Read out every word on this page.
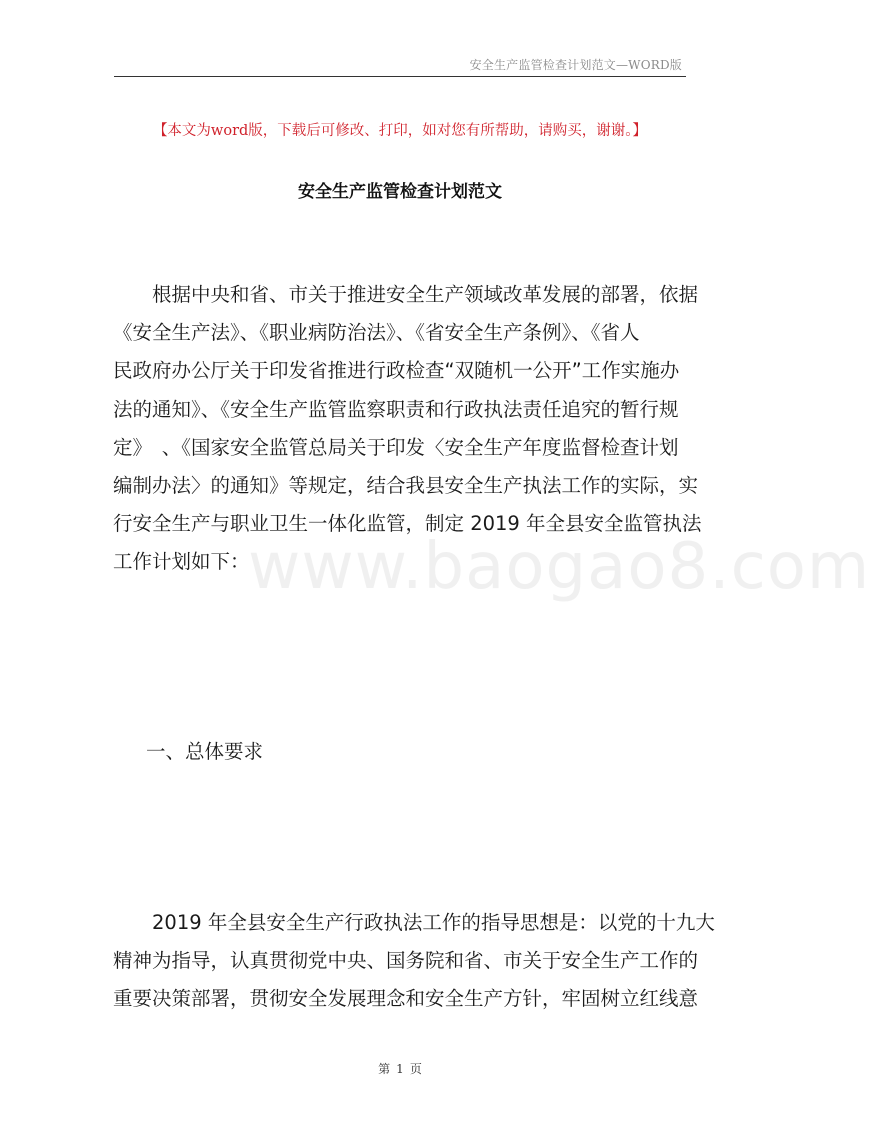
安全生产监管检查计划范文—WORD版
【本文为word版，下载后可修改、打印，如对您有所帮助，请购买，谢谢。】
安全生产监管检查计划范文
www.baogao8.com
　　根据中央和省、市关于推进安全生产领域改革发展的部署，依据
《安全生产法》、《职业病防治法》、《省安全生产条例》、《省人
民政府办公厅关于印发省推进行政检查“双随机一公开”工作实施办
法的通知》、《安全生产监管监察职责和行政执法责任追究的暂行规
定》　、《国家安全监管总局关于印发〈安全生产年度监督检查计划
编制办法〉的通知》等规定，结合我县安全生产执法工作的实际，实
行安全生产与职业卫生一体化监管，制定 2019 年全县安全监管执法
工作计划如下：
一、总体要求
　　2019 年全县安全生产行政执法工作的指导思想是：以党的十九大
精神为指导，认真贯彻党中央、国务院和省、市关于安全生产工作的
重要决策部署，贯彻安全发展理念和安全生产方针，牢固树立红线意
第 1 页
